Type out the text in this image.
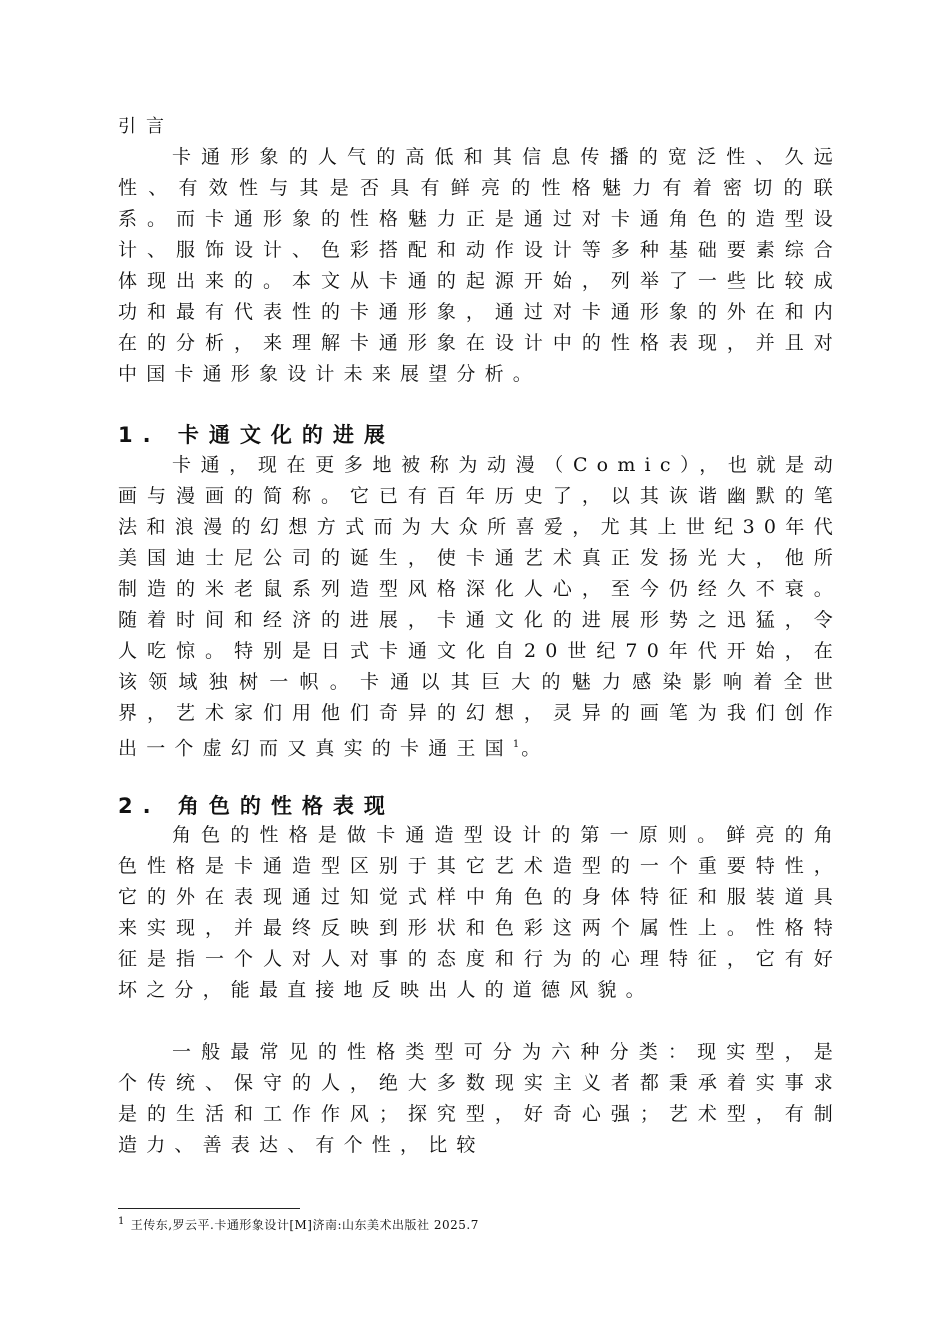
引言

卡通形象的人气的高低和其信息传播的宽泛性、久远性、有效性与其是否具有鲜亮的性格魅力有着密切的联系。而卡通形象的性格魅力正是通过对卡通角色的造型设计、服饰设计、色彩搭配和动作设计等多种基础要素综合体现出来的。本文从卡通的起源开始，列举了一些比较成功和最有代表性的卡通形象，通过对卡通形象的外在和内在的分析，来理解卡通形象在设计中的性格表现，并且对中国卡通形象设计未来展望分析。

1. 卡通文化的进展

卡通，现在更多地被称为动漫（Comic），也就是动画与漫画的简称。它已有百年历史了，以其诙谐幽默的笔法和浪漫的幻想方式而为大众所喜爱，尤其上世纪30年代美国迪士尼公司的诞生，使卡通艺术真正发扬光大，他所制造的米老鼠系列造型风格深化人心，至今仍经久不衰。随着时间和经济的进展，卡通文化的进展形势之迅猛，令人吃惊。特别是日式卡通文化自20世纪70年代开始，在该领域独树一帜。卡通以其巨大的魅力感染影响着全世界，艺术家们用他们奇异的幻想，灵异的画笔为我们创作出一个虚幻而又真实的卡通王国$^1$。

2. 角色的性格表现

角色的性格是做卡通造型设计的第一原则。鲜亮的角色性格是卡通造型区别于其它艺术造型的一个重要特性，它的外在表现通过知觉式样中角色的身体特征和服装道具来实现，并最终反映到形状和色彩这两个属性上。性格特征是指一个人对人对事的态度和行为的心理特征，它有好坏之分，能最直接地反映出人的道德风貌。

一般最常见的性格类型可分为六种分类：现实型，是个传统、保守的人，绝大多数现实主义者都秉承着实事求是的生活和工作作风；探究型，好奇心强；艺术型，有制造力、善表达、有个性，比较

$^1$ 王传东,罗云平.卡通形象设计[M]济南:山东美术出版社 2025.7
